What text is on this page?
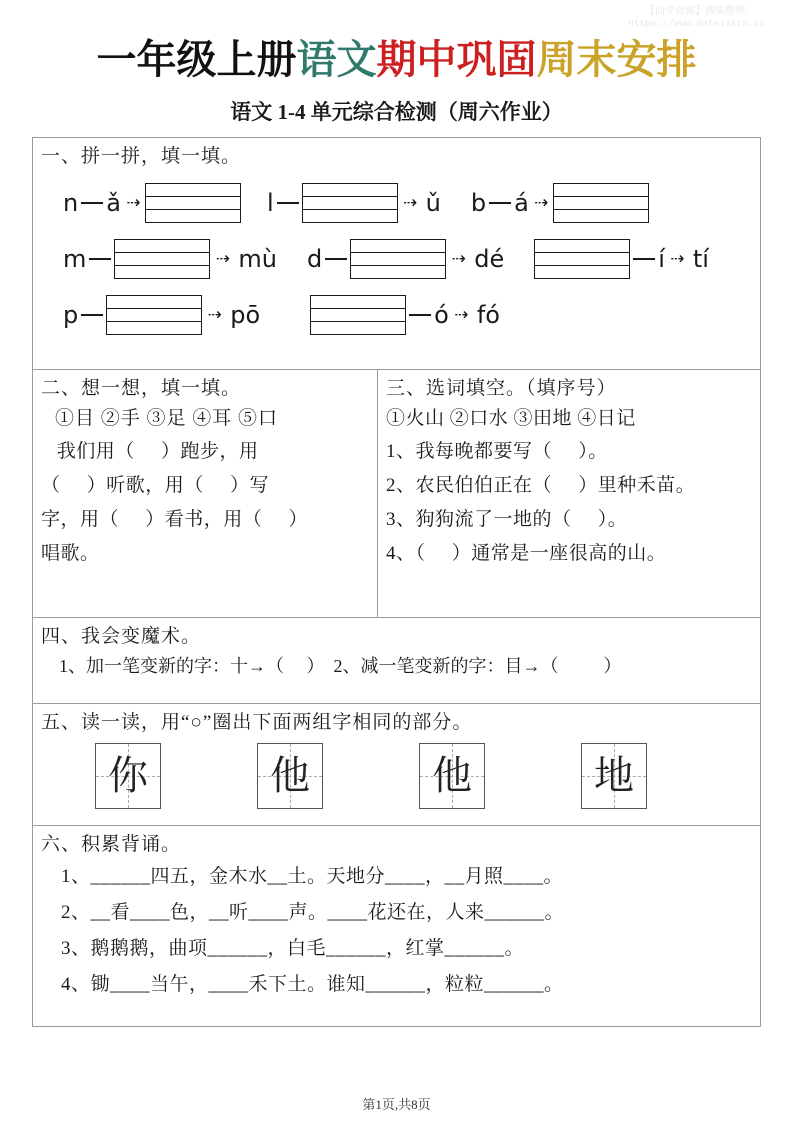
【尚学资源】搜集整理:
https://www.datalista.cn
一年级上册语文期中巩固周末安排
语文 1-4 单元综合检测（周六作业）
一、拼一拼，填一填。
n ǎ ⇢	l	⇢ ǔ b á ⇢
m	⇢ mù d	⇢ dé	í ⇢ tí
p	⇢ pō	ó ⇢ fó
二、想一想，填一填。
①目 ②手 ③足 ④耳 ⑤口
我们用（     ）跑步，用
（     ）听歌，用（     ）写
字，用（     ）看书，用（     ）
唱歌。
三、选词填空。（填序号）
①火山 ②口水 ③田地 ④日记
1、我每晚都要写（     ）。
2、农民伯伯正在（     ）里种禾苗。
3、狗狗流了一地的（     ）。
4、（     ）通常是一座很高的山。
四、我会变魔术。
1、加一笔变新的字：十→（     ）  2、减一笔变新的字：目→（          ）
五、读一读，用“○”圈出下面两组字相同的部分。
你	他	他	地
六、积累背诵。
1、______四五，金木水__土。天地分____，__月照____。
2、__看____色，__听____声。____花还在，人来______。
3、鹅鹅鹅，曲项______，白毛______，红掌______。
4、锄____当午，____禾下土。谁知______，粒粒______。
第1页,共8页
